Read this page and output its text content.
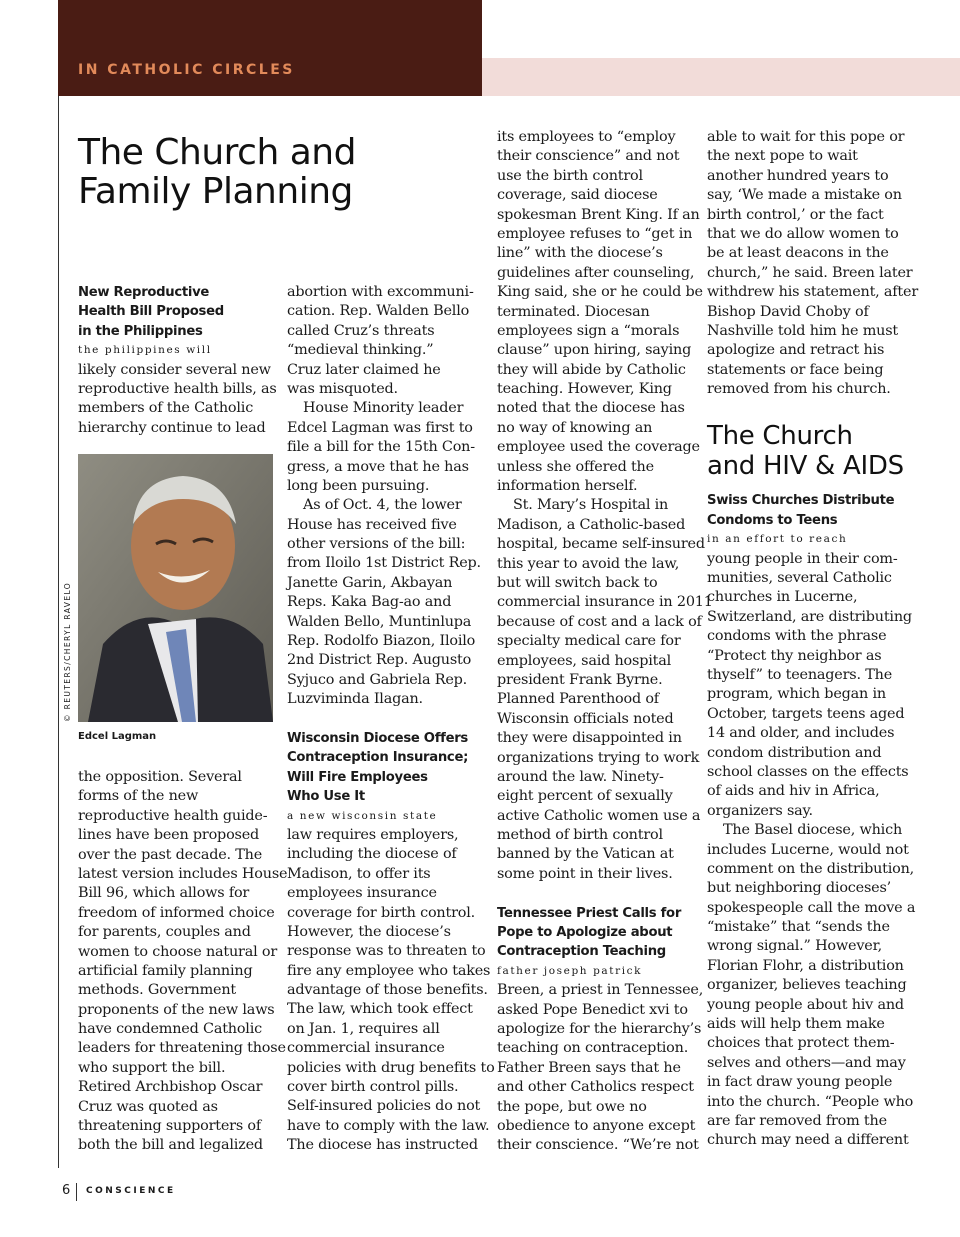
IN CATHOLIC CIRCLES
The Church and
Family Planning
New Reproductive
Health Bill Proposed
in the Philippines
the philippines will
likely consider several new
reproductive health bills, as
members of the Catholic
hierarchy continue to lead
© REUTERS/CHERYL RAVELO
Edcel Lagman
the opposition. Several
forms of the new
reproductive health guide-
lines have been proposed
over the past decade. The
latest version includes House
Bill 96, which allows for
freedom of informed choice
for parents, couples and
women to choose natural or
artificial family planning
methods. Government
proponents of the new laws
have condemned Catholic
leaders for threatening those
who support the bill.
Retired Archbishop Oscar
Cruz was quoted as
threatening supporters of
both the bill and legalized
abortion with excommuni-
cation. Rep. Walden Bello
called Cruz’s threats
“medieval thinking.”
Cruz later claimed he
was misquoted.
House Minority leader
Edcel Lagman was first to
file a bill for the 15th Con-
gress, a move that he has
long been pursuing.
As of Oct. 4, the lower
House has received five
other versions of the bill:
from Iloilo 1st District Rep.
Janette Garin, Akbayan
Reps. Kaka Bag-ao and
Walden Bello, Muntinlupa
Rep. Rodolfo Biazon, Iloilo
2nd District Rep. Augusto
Syjuco and Gabriela Rep.
Luzviminda Ilagan.
Wisconsin Diocese Offers
Contraception Insurance;
Will Fire Employees
Who Use It
a new wisconsin state
law requires employers,
including the diocese of
Madison, to offer its
employees insurance
coverage for birth control.
However, the diocese’s
response was to threaten to
fire any employee who takes
advantage of those benefits.
The law, which took effect
on Jan. 1, requires all
commercial insurance
policies with drug benefits to
cover birth control pills.
Self-insured policies do not
have to comply with the law.
The diocese has instructed
its employees to “employ
their conscience” and not
use the birth control
coverage, said diocese
spokesman Brent King. If an
employee refuses to “get in
line” with the diocese’s
guidelines after counseling,
King said, she or he could be
terminated. Diocesan
employees sign a “morals
clause” upon hiring, saying
they will abide by Catholic
teaching. However, King
noted that the diocese has
no way of knowing an
employee used the coverage
unless she offered the
information herself.
St. Mary’s Hospital in
Madison, a Catholic-based
hospital, became self-insured
this year to avoid the law,
but will switch back to
commercial insurance in 2011
because of cost and a lack of
specialty medical care for
employees, said hospital
president Frank Byrne.
Planned Parenthood of
Wisconsin officials noted
they were disappointed in
organizations trying to work
around the law. Ninety-
eight percent of sexually
active Catholic women use a
method of birth control
banned by the Vatican at
some point in their lives.
Tennessee Priest Calls for
Pope to Apologize about
Contraception Teaching
father joseph patrick
Breen, a priest in Tennessee,
asked Pope Benedict xvi to
apologize for the hierarchy’s
teaching on contraception.
Father Breen says that he
and other Catholics respect
the pope, but owe no
obedience to anyone except
their conscience. “We’re not
able to wait for this pope or
the next pope to wait
another hundred years to
say, ‘We made a mistake on
birth control,’ or the fact
that we do allow women to
be at least deacons in the
church,” he said. Breen later
withdrew his statement, after
Bishop David Choby of
Nashville told him he must
apologize and retract his
statements or face being
removed from his church.
The Church
and HIV & AIDS
Swiss Churches Distribute
Condoms to Teens
in an effort to reach
young people in their com-
munities, several Catholic
churches in Lucerne,
Switzerland, are distributing
condoms with the phrase
“Protect thy neighbor as
thyself” to teenagers. The
program, which began in
October, targets teens aged
14 and older, and includes
condom distribution and
school classes on the effects
of aids and hiv in Africa,
organizers say.
The Basel diocese, which
includes Lucerne, would not
comment on the distribution,
but neighboring dioceses’
spokespeople call the move a
“mistake” that “sends the
wrong signal.” However,
Florian Flohr, a distribution
organizer, believes teaching
young people about hiv and
aids will help them make
choices that protect them-
selves and others—and may
in fact draw young people
into the church. “People who
are far removed from the
church may need a different
6 CONSCIENCE
